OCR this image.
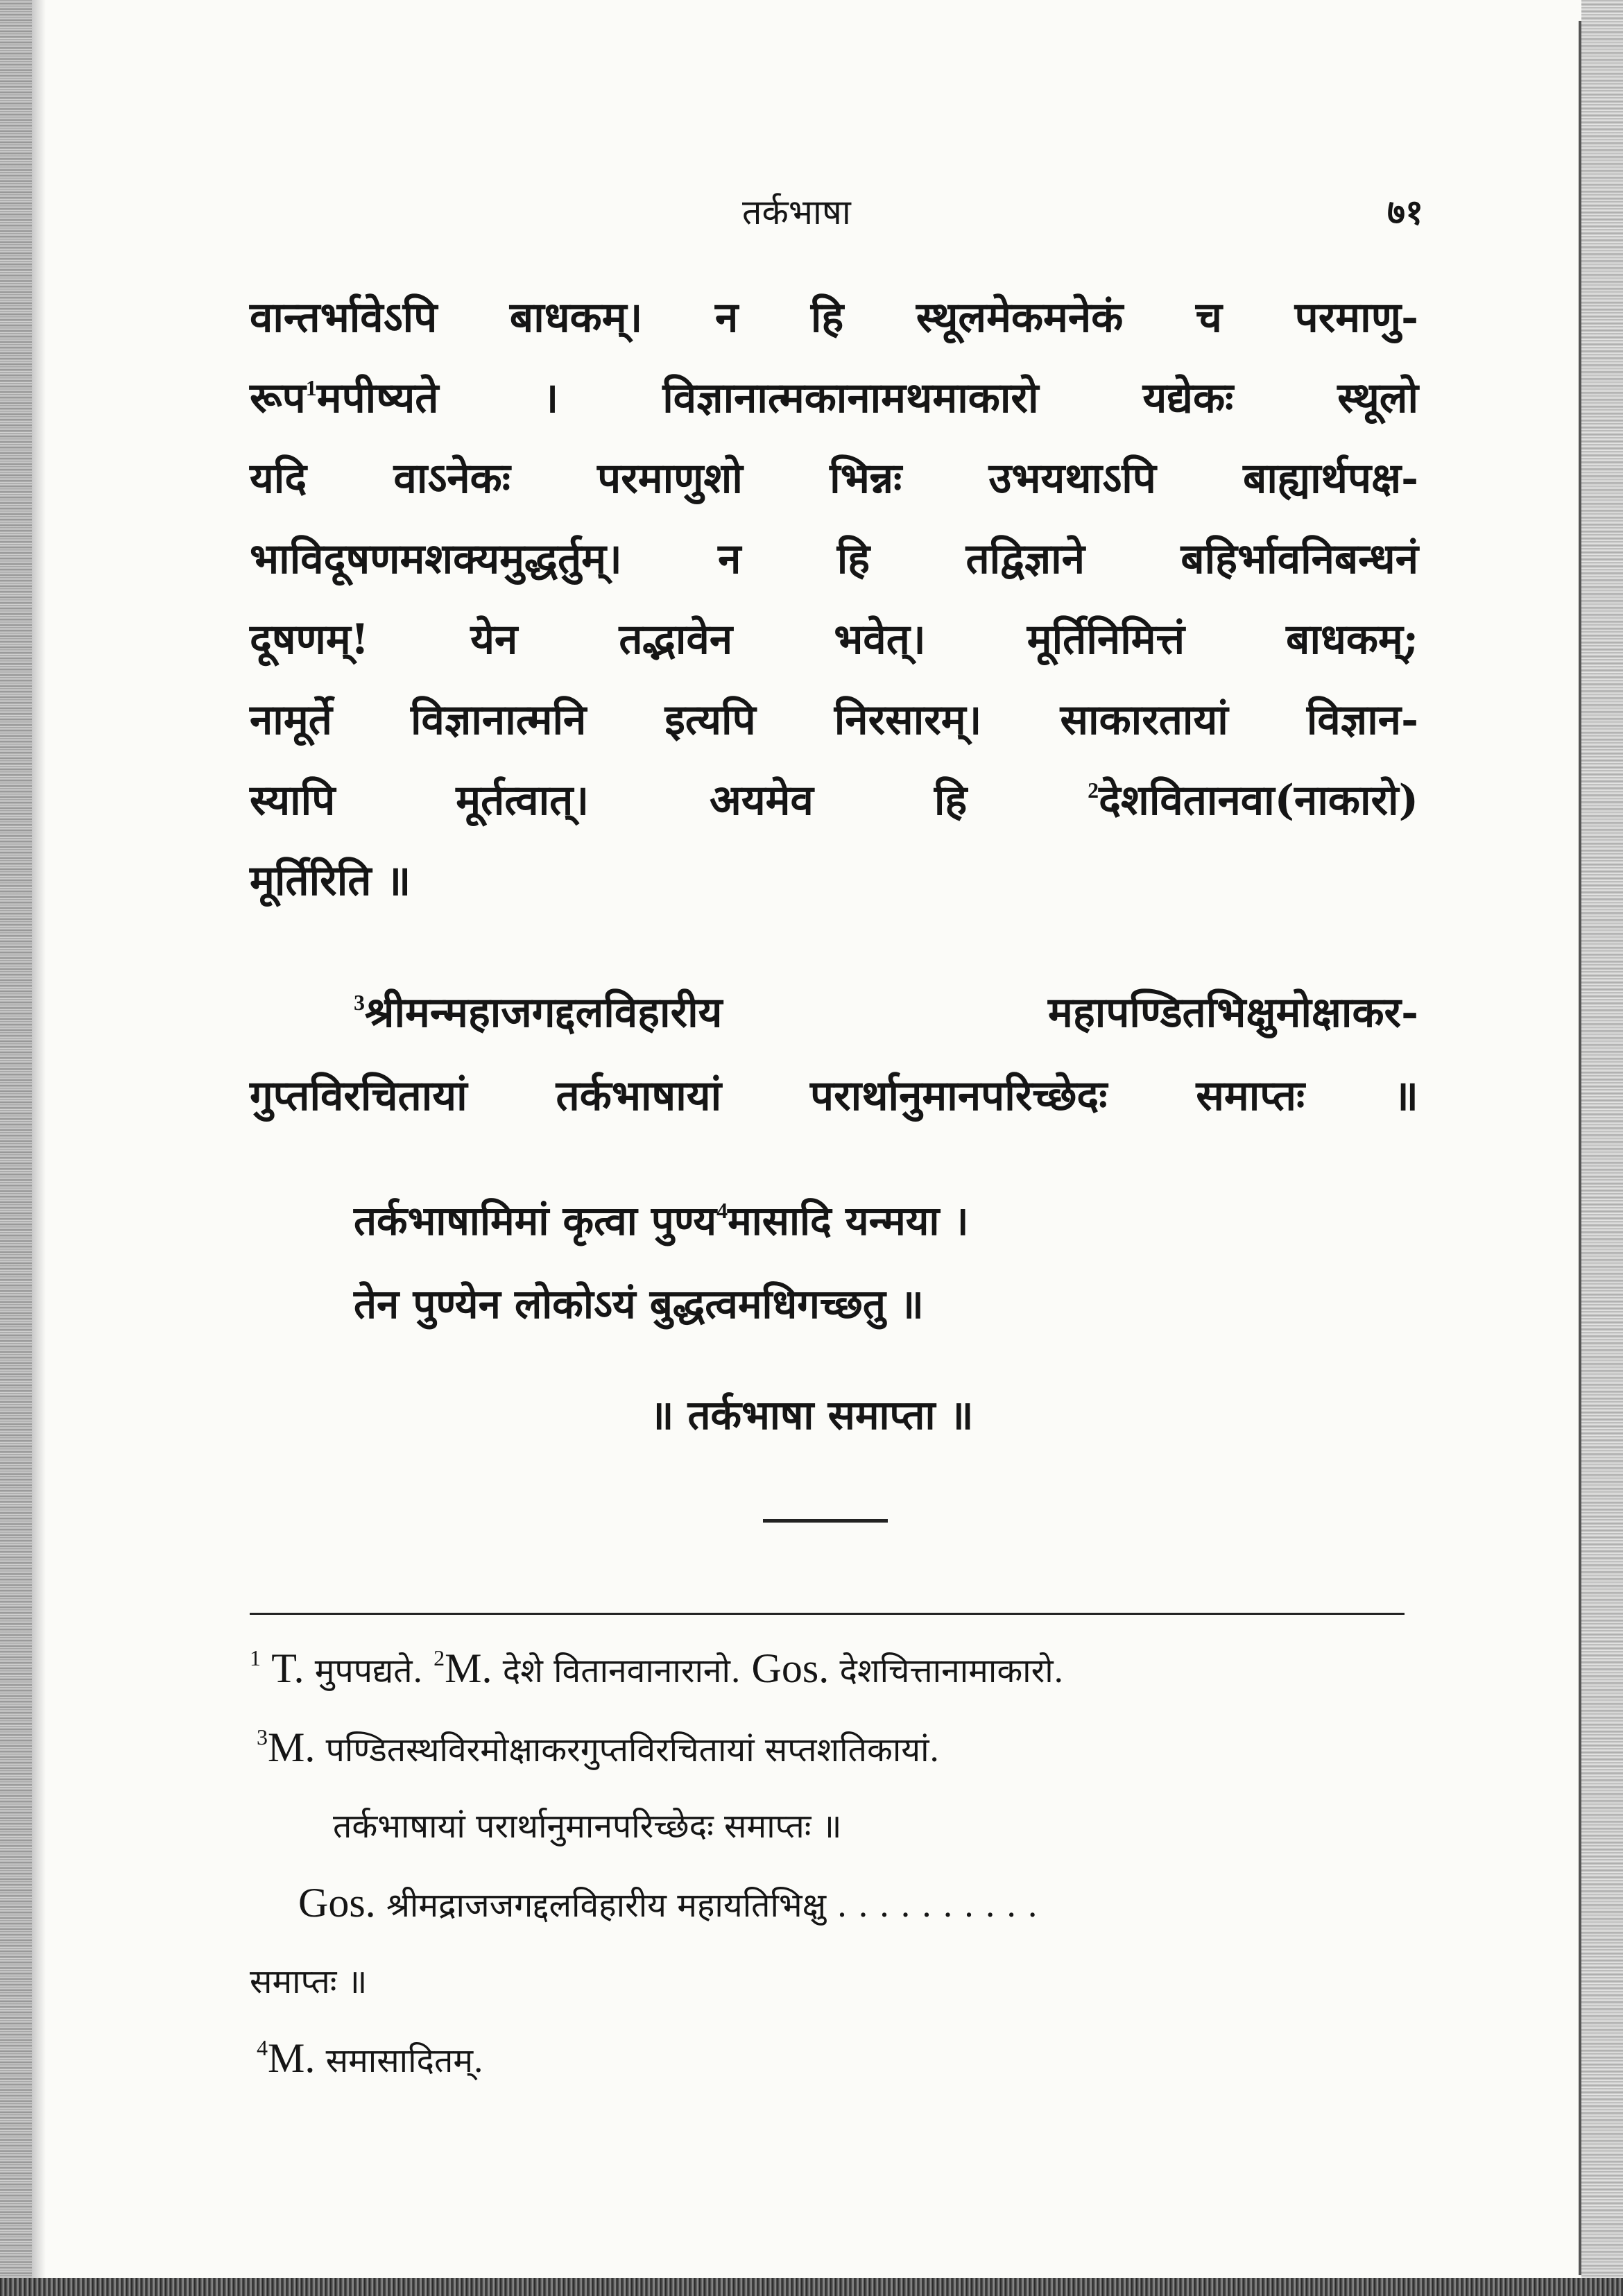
तर्कभाषा	७१
वान्तर्भावेऽपि बाधकम्। न हि स्थूलमेकमनेकं च परमाणु-
रूप$^1$मपीष्यते । विज्ञानात्मकानामथमाकारो यद्येकः स्थूलो
यदि वाऽनेकः परमाणुशो भिन्नः उभयथाऽपि बाह्यार्थपक्ष-
भाविदूषणमशक्यमुद्धर्तुम्। न हि तद्विज्ञाने बहिर्भावनिबन्धनं
दूषणम्! येन तद्भावेन भवेत्। मूर्तिनिमित्तं बाधकम्;
नामूर्ते विज्ञानात्मनि इत्यपि निरसारम्। साकारतायां विज्ञान-
स्यापि मूर्तत्वात्। अयमेव हि	$^2$देशवितानवा(नाकारो)
मूर्तिरिति ॥
$^3$श्रीमन्महाजगद्दलविहारीय महापण्डितभिक्षुमोक्षाकर-
गुप्तविरचितायां तर्कभाषायां परार्थानुमानपरिच्छेदः समाप्तः ॥
तर्कभाषामिमां कृत्वा पुण्य$^4$मासादि यन्मया ।
तेन पुण्येन लोकोऽयं बुद्धत्वमधिगच्छतु ॥
॥ तर्कभाषा समाप्ता ॥
$^1$ T. मुपपद्यते. $^2$M. देशे वितानवानारानो. Gos. देशचित्तानामाकारो.
$^3$M. पण्डितस्थविरमोक्षाकरगुप्तविरचितायां सप्तशतिकायां.
तर्कभाषायां परार्थानुमानपरिच्छेदः समाप्तः ॥
Gos. श्रीमद्राजजगद्दलविहारीय महायतिभिक्षु . . . . . . . . . .
समाप्तः ॥
$^4$M. समासादितम्.
